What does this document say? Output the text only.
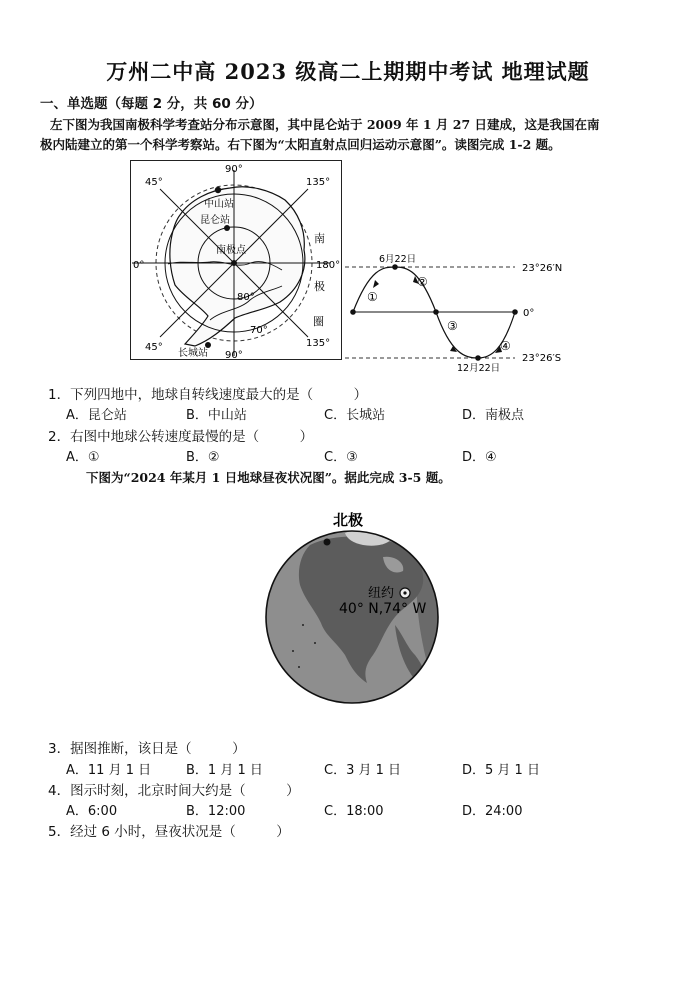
万州二中高 2023 级高二上期期中考试 地理试题
一、单选题（每题 2 分，共 60 分）
左下图为我国南极科学考查站分布示意图，其中昆仑站于 2009 年 1 月 27 日建成，这是我国在南
极内陆建立的第一个科学考察站。右下图为“太阳直射点回归运动示意图”。读图完成 1-2 题。
45°
90°
135°
0°	180°
45°
90°
135°
80°
70°
中山站
昆仑站
南极点
长城站
南
极
圈
6月22日
12月22日
23°26′N
0°
23°26′S
①
②
③
④
1．下列四地中，地球自转线速度最大的是（　　　）
A．昆仑站	B．中山站	C．长城站	D．南极点
2．右图中地球公转速度最慢的是（　　　）
A．①	B．②	C．③	D．④
下图为“2024 年某月 1 日地球昼夜状况图”。据此完成 3-5 题。
北极
纽约
40° N,74° W
3．据图推断，该日是（　　　）
A．11 月 1 日	B．1 月 1 日	C．3 月 1 日	D．5 月 1 日
4．图示时刻，北京时间大约是（　　　）
A．6:00	B．12:00	C．18:00	D．24:00
5．经过 6 小时，昼夜状况是（　　　）
